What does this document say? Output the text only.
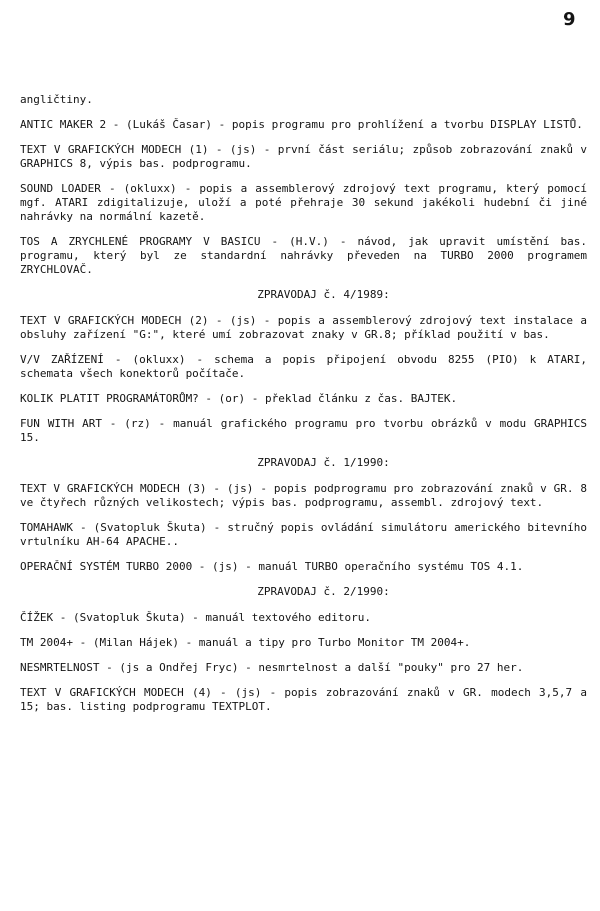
9

angličtiny.

ANTIC MAKER 2 - (Lukáš Časar) - popis programu pro prohlížení a tvorbu DISPLAY LISTŮ.

TEXT V GRAFICKÝCH MODECH (1) - (js) - první část seriálu; způsob zobrazování znaků v GRAPHICS 8, výpis bas. podprogramu.

SOUND LOADER - (okluxx) - popis a assemblerový zdrojový text programu, který pomocí mgf. ATARI zdigitalizuje, uloží a poté přehraje 30 sekund jakékoli hudební či jiné nahrávky na normální kazetě.

TOS A ZRYCHLENÉ PROGRAMY V BASICU - (H.V.) - návod, jak upravit umístění bas. programu, který byl ze standardní nahrávky převeden na TURBO 2000 programem ZRYCHLOVAČ.

ZPRAVODAJ č. 4/1989:

TEXT V GRAFICKÝCH MODECH (2) - (js) - popis a assemblerový zdrojový text instalace a obsluhy zařízení "G:", které umí zobrazovat znaky v GR.8; příklad použití v bas.

V/V ZAŘÍZENÍ - (okluxx) - schema a popis připojení obvodu 8255 (PIO) k ATARI, schemata všech konektorů počítače.

KOLIK PLATIT PROGRAMÁTORŮM? - (or) - překlad článku z čas. BAJTEK.

FUN WITH ART - (rz) - manuál grafického programu pro tvorbu obrázků v modu GRAPHICS 15.

ZPRAVODAJ č. 1/1990:

TEXT V GRAFICKÝCH MODECH (3) - (js) - popis podprogramu pro zobrazování znaků v GR. 8 ve čtyřech různých velikostech; výpis bas. podprogramu, assembl. zdrojový text.

TOMAHAWK - (Svatopluk Škuta) - stručný popis ovládání simulátoru amerického bitevního vrtulníku AH-64 APACHE..

OPERAČNÍ SYSTÉM TURBO 2000 - (js) - manuál TURBO operačního systému TOS 4.1.

ZPRAVODAJ č. 2/1990:

ČÍŽEK - (Svatopluk Škuta) - manuál textového editoru.

TM 2004+ - (Milan Hájek) - manuál a tipy pro Turbo Monitor TM 2004+.

NESMRTELNOST - (js a Ondřej Fryc) - nesmrtelnost a další "pouky" pro 27 her.

TEXT V GRAFICKÝCH MODECH (4) - (js) - popis zobrazování znaků v GR. modech 3,5,7 a 15; bas. listing podprogramu TEXTPLOT.
